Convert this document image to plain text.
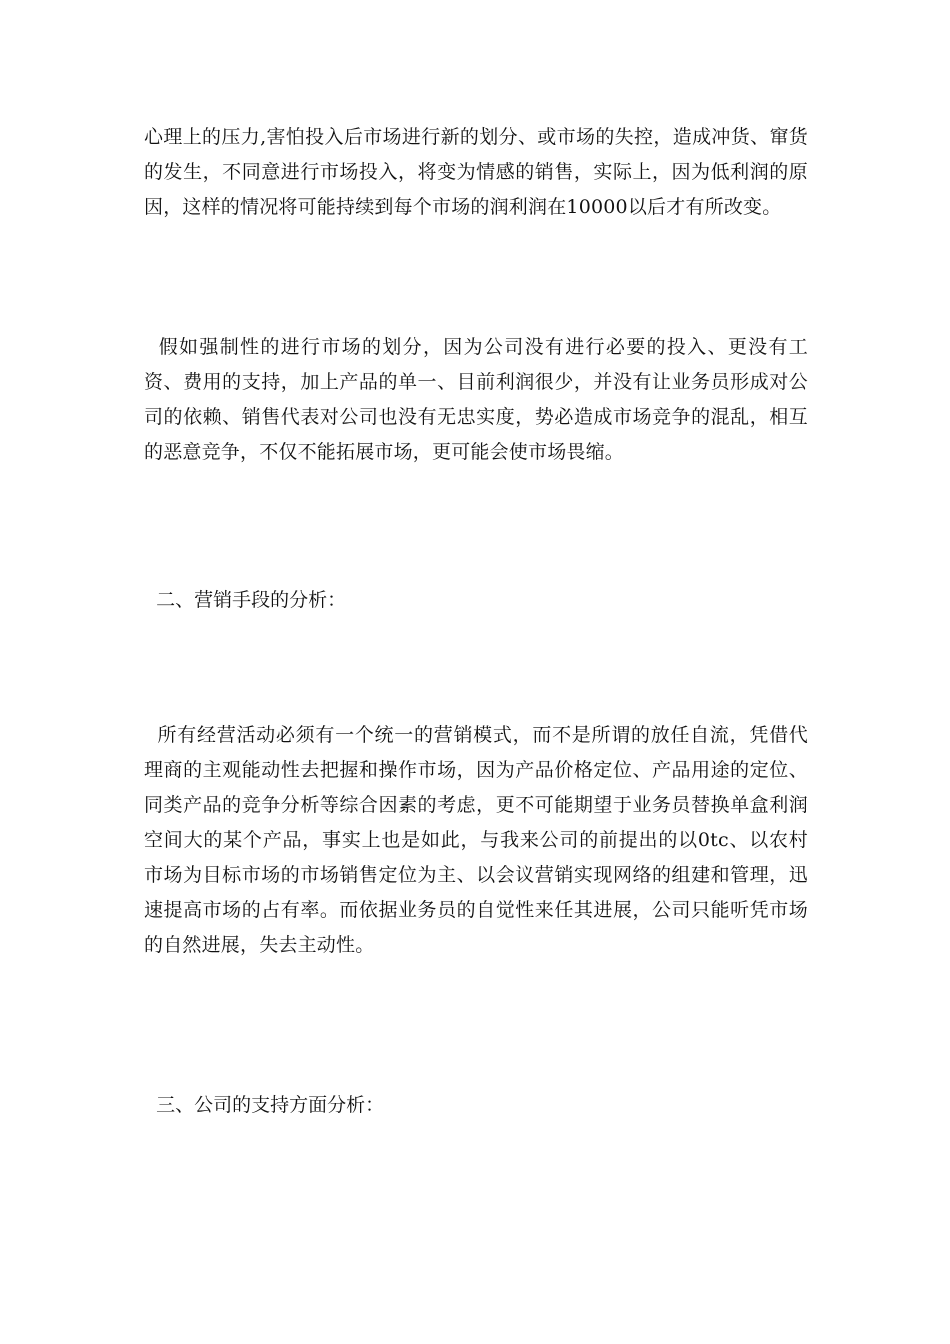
心理上的压力,害怕投入后市场进行新的划分、或市场的失控，造成冲货、窜货的发生，不同意进行市场投入，将变为情感的销售，实际上，因为低利润的原因，这样的情况将可能持续到每个市场的润利润在10000以后才有所改变。

假如强制性的进行市场的划分，因为公司没有进行必要的投入、更没有工资、费用的支持，加上产品的单一、目前利润很少，并没有让业务员形成对公司的依赖、销售代表对公司也没有无忠实度，势必造成市场竞争的混乱，相互的恶意竞争，不仅不能拓展市场，更可能会使市场畏缩。

二、营销手段的分析：

所有经营活动必须有一个统一的营销模式，而不是所谓的放任自流，凭借代理商的主观能动性去把握和操作市场，因为产品价格定位、产品用途的定位、同类产品的竞争分析等综合因素的考虑，更不可能期望于业务员替换单盒利润空间大的某个产品，事实上也是如此，与我来公司的前提出的以0tc、以农村市场为目标市场的市场销售定位为主、以会议营销实现网络的组建和管理，迅速提高市场的占有率。而依据业务员的自觉性来任其进展，公司只能听凭市场的自然进展，失去主动性。

三、公司的支持方面分析：
